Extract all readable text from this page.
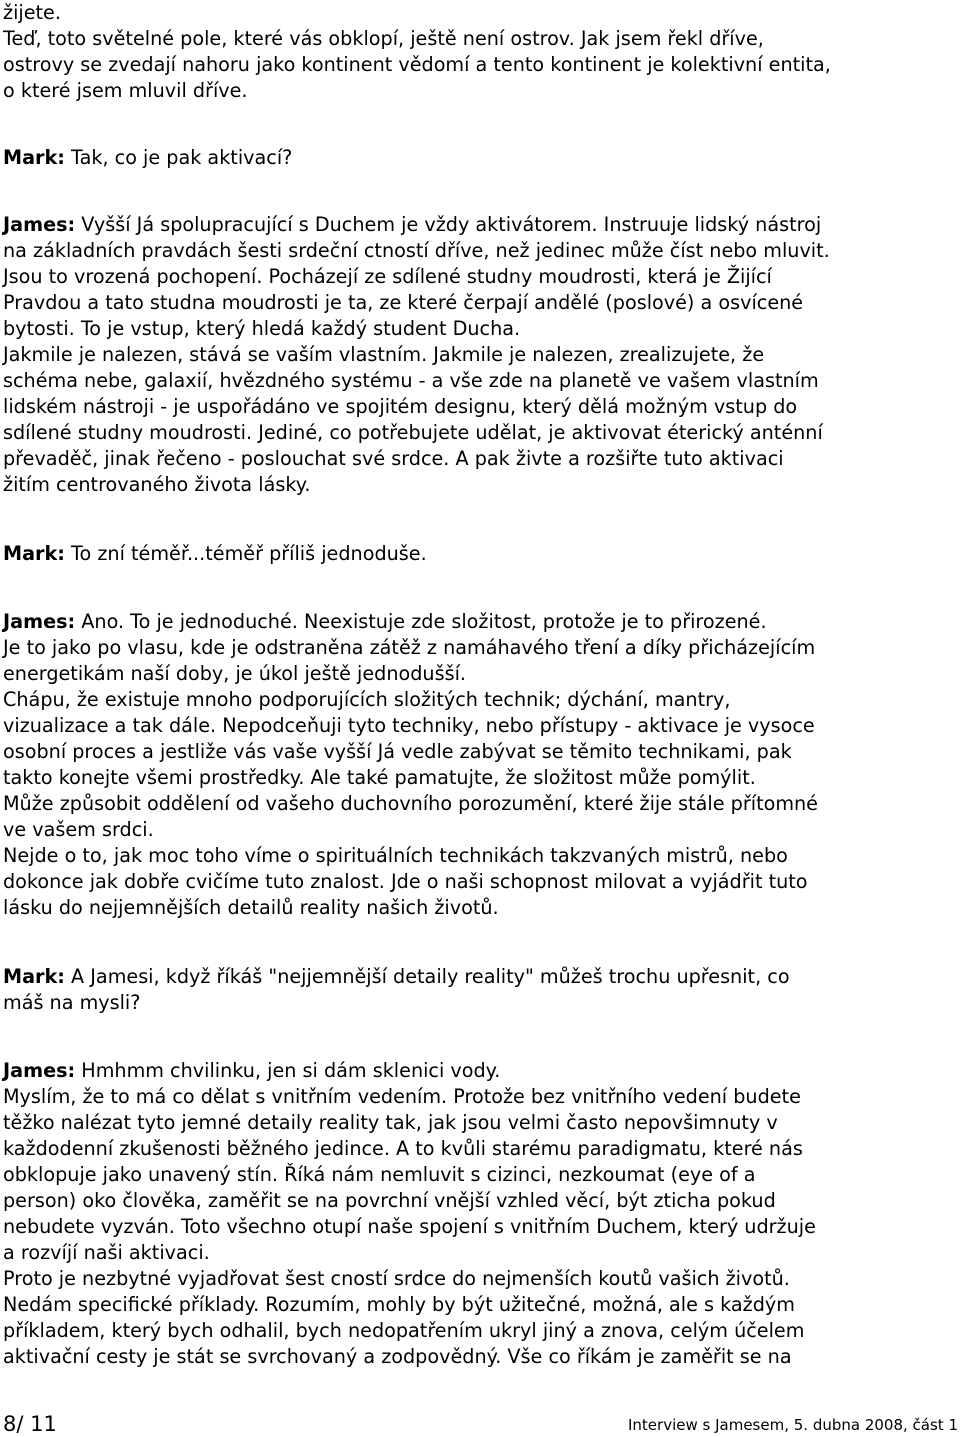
žijete.
Teď, toto světelné pole, které vás obklopí, ještě není ostrov. Jak jsem řekl dříve,
ostrovy se zvedají nahoru jako kontinent vědomí a tento kontinent je kolektivní entita,
o které jsem mluvil dříve.
Mark: Tak, co je pak aktivací?
James: Vyšší Já spolupracující s Duchem je vždy aktivátorem. Instruuje lidský nástroj
na základních pravdách šesti srdeční ctností dříve, než jedinec může číst nebo mluvit.
Jsou to vrozená pochopení. Pocházejí ze sdílené studny moudrosti, která je Žijící
Pravdou a tato studna moudrosti je ta, ze které čerpají andělé (poslové) a osvícené
bytosti. To je vstup, který hledá každý student Ducha.
Jakmile je nalezen, stává se vaším vlastním. Jakmile je nalezen, zrealizujete, že
schéma nebe, galaxií, hvězdného systému - a vše zde na planetě ve vašem vlastním
lidském nástroji - je uspořádáno ve spojitém designu, který dělá možným vstup do
sdílené studny moudrosti. Jediné, co potřebujete udělat, je aktivovat éterický anténní
převaděč, jinak řečeno - poslouchat své srdce. A pak živte a rozšiřte tuto aktivaci
žitím centrovaného života lásky.
Mark: To zní téměř...téměř příliš jednoduše.
James: Ano. To je jednoduché. Neexistuje zde složitost, protože je to přirozené.
Je to jako po vlasu, kde je odstraněna zátěž z namáhavého tření a díky přicházejícím
energetikám naší doby, je úkol ještě jednodušší.
Chápu, že existuje mnoho podporujících složitých technik; dýchání, mantry,
vizualizace a tak dále. Nepodceňuji tyto techniky, nebo přístupy - aktivace je vysoce
osobní proces a jestliže vás vaše vyšší Já vedle zabývat se těmito technikami, pak
takto konejte všemi prostředky. Ale také pamatujte, že složitost může pomýlit.
Může způsobit oddělení od vašeho duchovního porozumění, které žije stále přítomné
ve vašem srdci.
Nejde o to, jak moc toho víme o spirituálních technikách takzvaných mistrů, nebo
dokonce jak dobře cvičíme tuto znalost. Jde o naši schopnost milovat a vyjádřit tuto
lásku do nejjemnějších detailů reality našich životů.
Mark: A Jamesi, když říkáš "nejjemnější detaily reality" můžeš trochu upřesnit, co
máš na mysli?
James: Hmhmm chvilinku, jen si dám sklenici vody.
Myslím, že to má co dělat s vnitřním vedením. Protože bez vnitřního vedení budete
těžko nalézat tyto jemné detaily reality tak, jak jsou velmi často nepovšimnuty v
každodenní zkušenosti běžného jedince. A to kvůli starému paradigmatu, které nás
obklopuje jako unavený stín. Říká nám nemluvit s cizinci, nezkoumat (eye of a
person) oko člověka, zaměřit se na povrchní vnější vzhled věcí, být zticha pokud
nebudete vyzván. Toto všechno otupí naše spojení s vnitřním Duchem, který udržuje
a rozvíjí naši aktivaci.
Proto je nezbytné vyjadřovat šest cností srdce do nejmenších koutů vašich životů.
Nedám specifické příklady. Rozumím, mohly by být užitečné, možná, ale s každým
příkladem, který bych odhalil, bych nedopatřením ukryl jiný a znova, celým účelem
aktivační cesty je stát se svrchovaný a zodpovědný. Vše co říkám je zaměřit se na
8/ 11	Interview s Jamesem, 5. dubna 2008, část 1
